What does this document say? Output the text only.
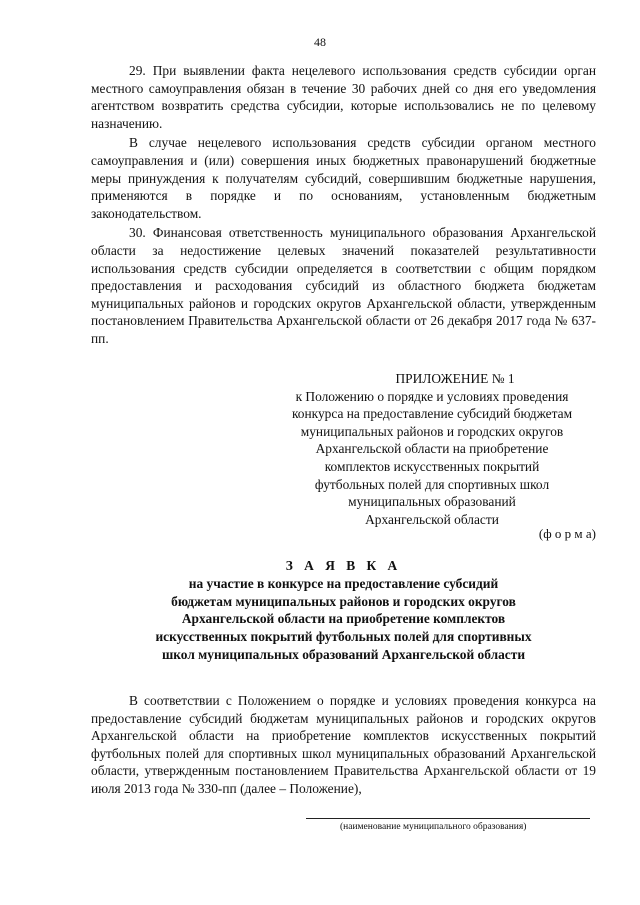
48

29. При выявлении факта нецелевого использования средств субсидии орган местного самоуправления обязан в течение 30 рабочих дней со дня его уведомления агентством возвратить средства субсидии, которые использовались не по целевому назначению.

В случае нецелевого использования средств субсидии органом местного самоуправления и (или) совершения иных бюджетных правонарушений бюджетные меры принуждения к получателям субсидий, совершившим бюджетные нарушения, применяются в порядке и по основаниям, установленным бюджетным законодательством.

30. Финансовая ответственность муниципального образования Архангельской области за недостижение целевых значений показателей результативности использования средств субсидии определяется в соответствии с общим порядком предоставления и расходования субсидий из областного бюджета бюджетам муниципальных районов и городских округов Архангельской области, утвержденным постановлением Правительства Архангельской области от 26 декабря 2017 года № 637-пп.

ПРИЛОЖЕНИЕ № 1
к Положению о порядке и условиях проведения
конкурса на предоставление субсидий бюджетам
муниципальных районов и городских округов
Архангельской области на приобретение
комплектов искусственных покрытий
футбольных полей для спортивных школ
муниципальных образований
Архангельской области
(ф о р м а)
З А Я В К А
на участие в конкурсе на предоставление субсидий
бюджетам муниципальных районов и городских округов
Архангельской области на приобретение комплектов
искусственных покрытий футбольных полей для спортивных
школ муниципальных образований Архангельской области

В соответствии с Положением о порядке и условиях проведения конкурса на предоставление субсидий бюджетам муниципальных районов и городских округов Архангельской области на приобретение комплектов искусственных покрытий футбольных полей для спортивных школ муниципальных образований Архангельской области, утвержденным постановлением Правительства Архангельской области от 19 июля 2013 года № 330-пп (далее – Положение),

(наименование муниципального образования)
